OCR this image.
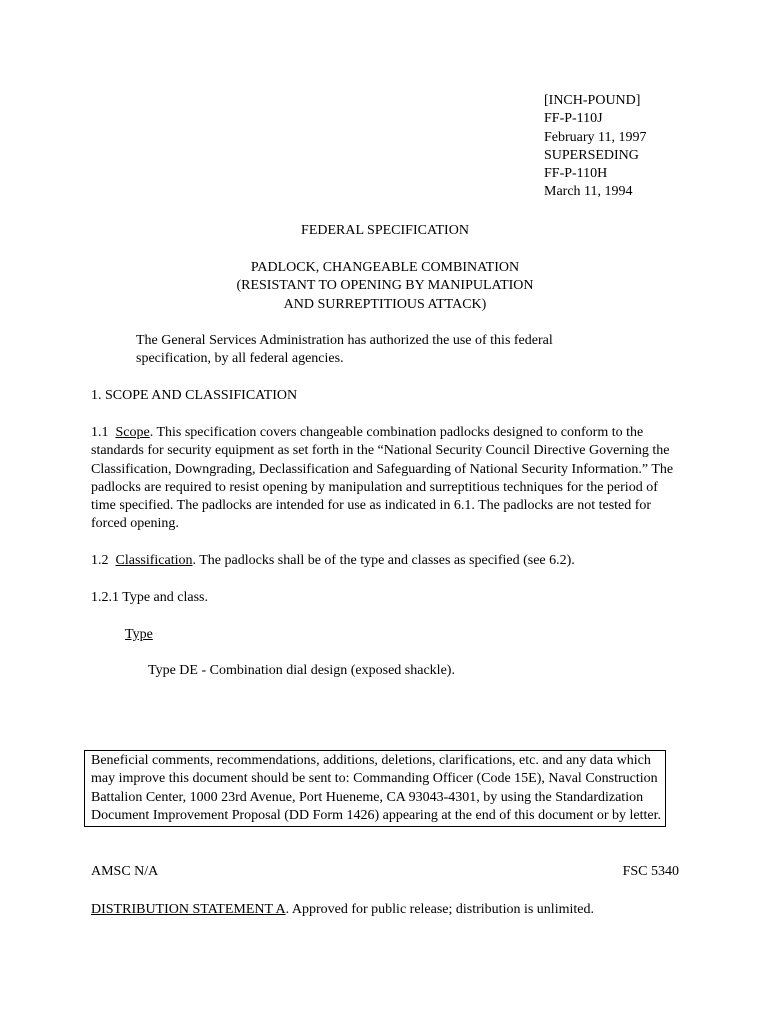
[INCH-POUND]
FF-P-110J
February 11, 1997
SUPERSEDING
FF-P-110H
March 11, 1994
FEDERAL SPECIFICATION
PADLOCK, CHANGEABLE COMBINATION
(RESISTANT TO OPENING BY MANIPULATION
AND SURREPTITIOUS ATTACK)
The General Services Administration has authorized the use of this federal specification, by all federal agencies.
1. SCOPE AND CLASSIFICATION
1.1 Scope. This specification covers changeable combination padlocks designed to conform to the standards for security equipment as set forth in the “National Security Council Directive Governing the Classification, Downgrading, Declassification and Safeguarding of National Security Information.” The padlocks are required to resist opening by manipulation and surreptitious techniques for the period of time specified. The padlocks are intended for use as indicated in 6.1. The padlocks are not tested for forced opening.
1.2 Classification. The padlocks shall be of the type and classes as specified (see 6.2).
1.2.1 Type and class.
Type
Type DE - Combination dial design (exposed shackle).
Beneficial comments, recommendations, additions, deletions, clarifications, etc. and any data which may improve this document should be sent to: Commanding Officer (Code 15E), Naval Construction Battalion Center, 1000 23rd Avenue, Port Hueneme, CA 93043-4301, by using the Standardization Document Improvement Proposal (DD Form 1426) appearing at the end of this document or by letter.
AMSC N/A	FSC 5340
DISTRIBUTION STATEMENT A. Approved for public release; distribution is unlimited.
